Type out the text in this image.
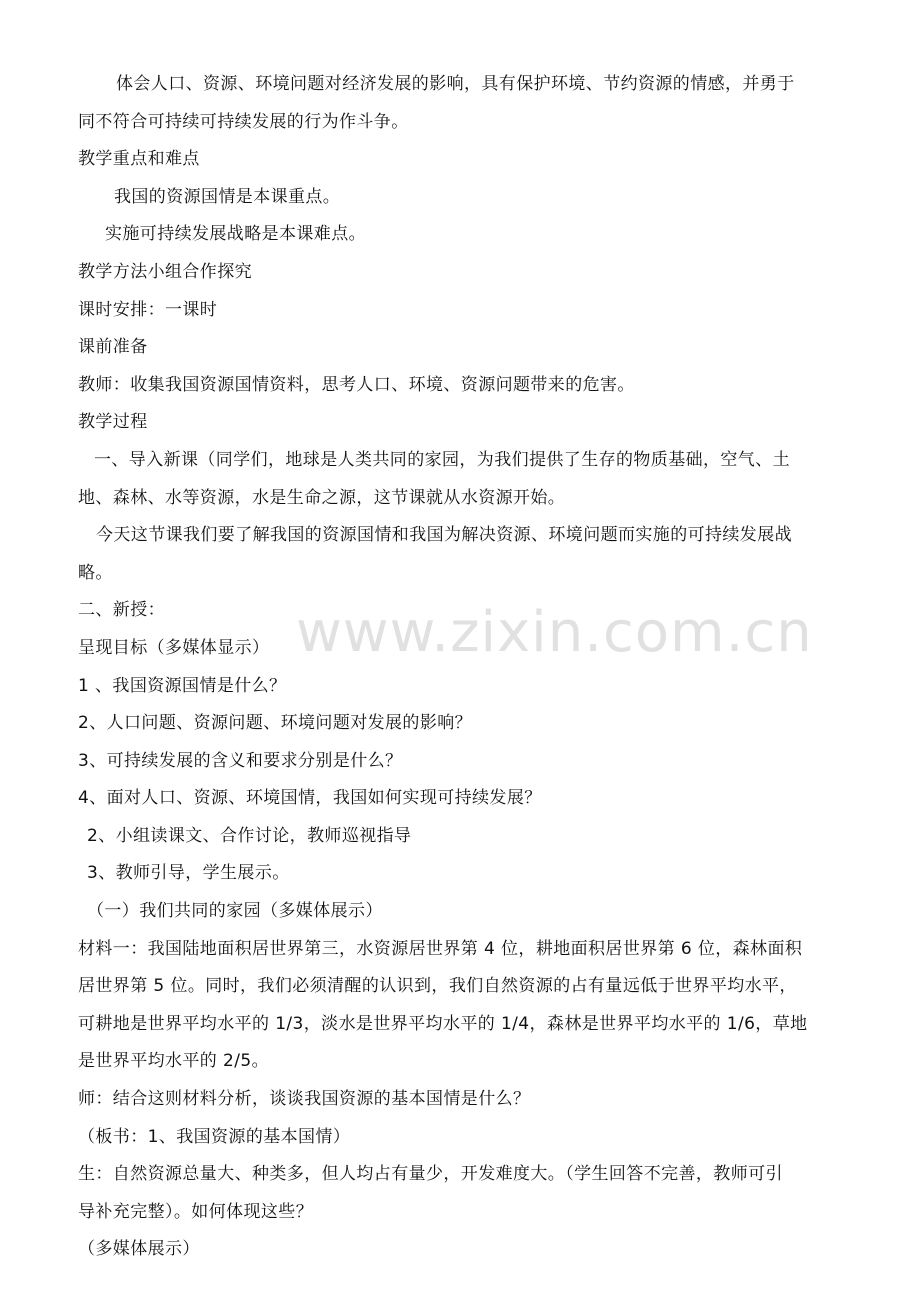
体会人口、资源、环境问题对经济发展的影响，具有保护环境、节约资源的情感，并勇于
同不符合可持续可持续发展的行为作斗争。
教学重点和难点
我国的资源国情是本课重点。
实施可持续发展战略是本课难点。
教学方法小组合作探究
课时安排：一课时
课前准备
教师：收集我国资源国情资料，思考人口、环境、资源问题带来的危害。
教学过程
一、导入新课（同学们，地球是人类共同的家园，为我们提供了生存的物质基础，空气、土
地、森林、水等资源，水是生命之源，这节课就从水资源开始。
今天这节课我们要了解我国的资源国情和我国为解决资源、环境问题而实施的可持续发展战
略。
二、新授：
呈现目标（多媒体显示）
1 、我国资源国情是什么？
2、人口问题、资源问题、环境问题对发展的影响？
3、可持续发展的含义和要求分别是什么？
4、面对人口、资源、环境国情，我国如何实现可持续发展？
2、小组读课文、合作讨论，教师巡视指导
3、教师引导，学生展示。
（一）我们共同的家园（多媒体展示）
材料一：我国陆地面积居世界第三，水资源居世界第 4 位，耕地面积居世界第 6 位，森林面积
居世界第 5 位。同时，我们必须清醒的认识到，我们自然资源的占有量远低于世界平均水平，
可耕地是世界平均水平的 1/3，淡水是世界平均水平的 1/4，森林是世界平均水平的 1/6，草地
是世界平均水平的 2/5。
师：结合这则材料分析，谈谈我国资源的基本国情是什么？
（板书：1、我国资源的基本国情）
生：自然资源总量大、种类多，但人均占有量少，开发难度大。（学生回答不完善，教师可引
导补充完整）。如何体现这些？
（多媒体展示）
www.zixin.com.cn
